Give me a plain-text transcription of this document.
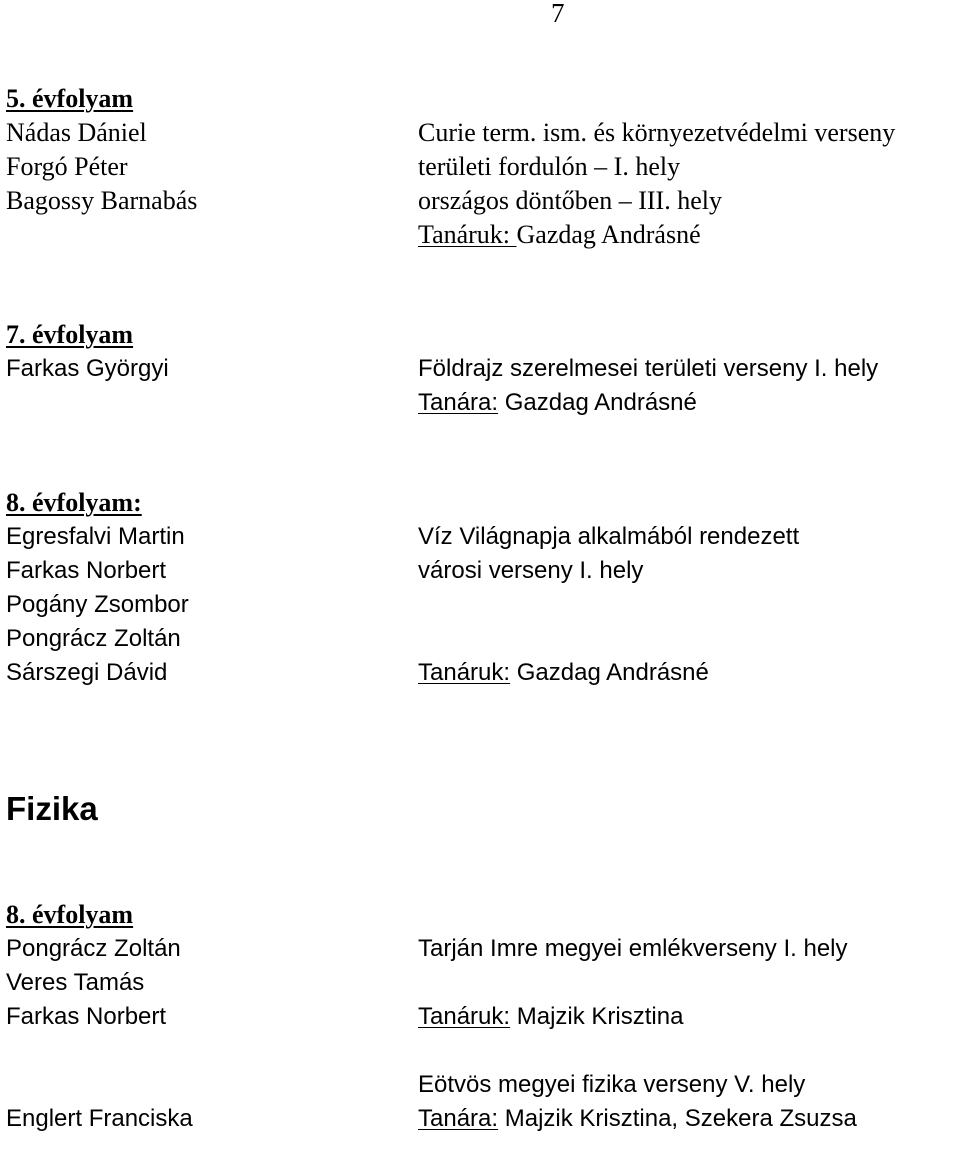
7
5. évfolyam
Nádas Dániel
Forgó Péter
Bagossy Barnabás
Curie term. ism. és környezetvédelmi verseny
területi fordulón – I. hely
országos döntőben – III. hely
Tanáruk: Gazdag Andrásné
7. évfolyam
Farkas Györgyi	Földrajz szerelmesei területi verseny I. hely
Tanára: Gazdag Andrásné
8. évfolyam:
Egresfalvi Martin
Farkas Norbert
Pogány Zsombor
Pongrácz Zoltán
Sárszegi Dávid
Víz Világnapja alkalmából rendezett
városi verseny I. hely
Tanáruk: Gazdag Andrásné
Fizika
8. évfolyam
Pongrácz Zoltán
Veres Tamás
Farkas Norbert
Englert Franciska
Tarján Imre megyei emlékverseny I. hely
Tanáruk: Majzik Krisztina
Eötvös megyei fizika verseny V. hely
Tanára: Majzik Krisztina, Szekera Zsuzsa
